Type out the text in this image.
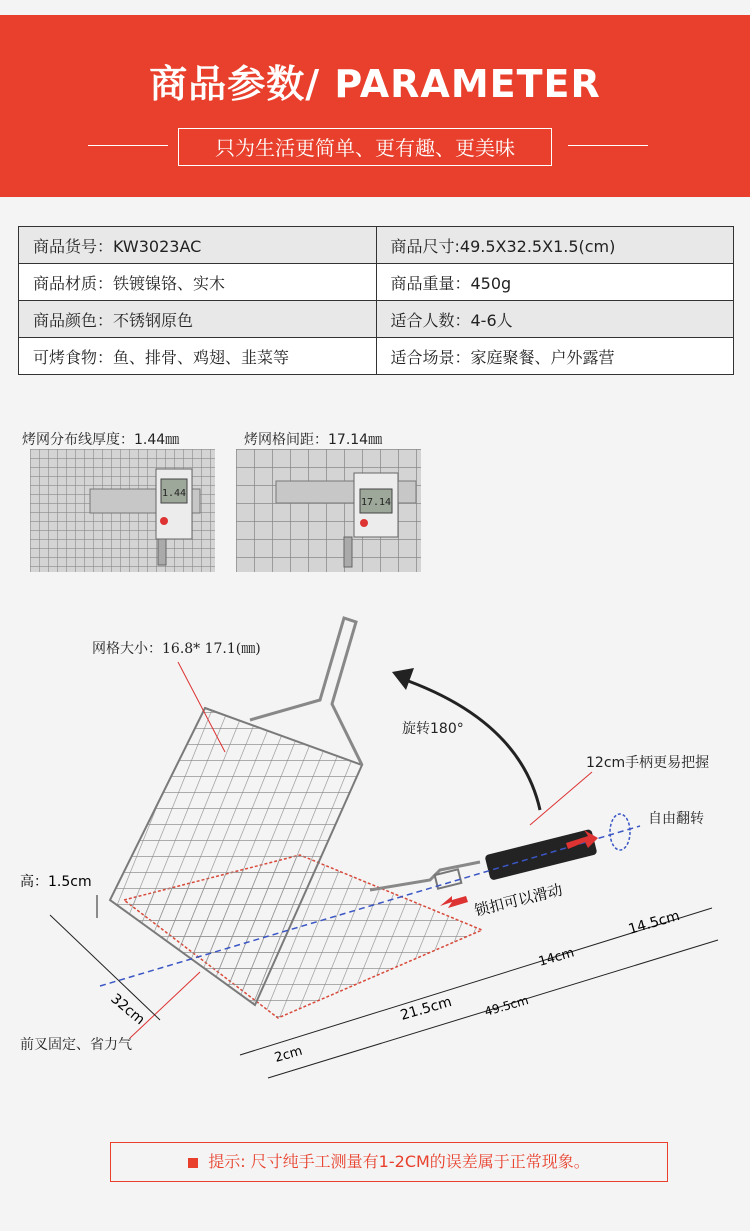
商品参数/ PARAMETER
只为生活更简单、更有趣、更美味
商品货号：KW3023AC	商品尺寸:49.5X32.5X1.5(cm)
商品材质：铁镀镍铬、实木	商品重量：450g
商品颜色：不锈钢原色	适合人数：4-6人
可烤食物：鱼、排骨、鸡翅、韭菜等	适合场景：家庭聚餐、户外露营
烤网分布线厚度：1.44㎜	烤网格间距：17.14㎜
1.44
17.14
高：1.5cm
32cm	21.5cm
14cm
14.5cm
49.5cm
2cm
锁扣可以滑动
网格大小：16.8* 17.1(㎜)
旋转180°
12cm手柄更易把握
自由翻转
前叉固定、省力气
提示: 尺寸纯手工测量有1-2CM的误差属于正常现象。
